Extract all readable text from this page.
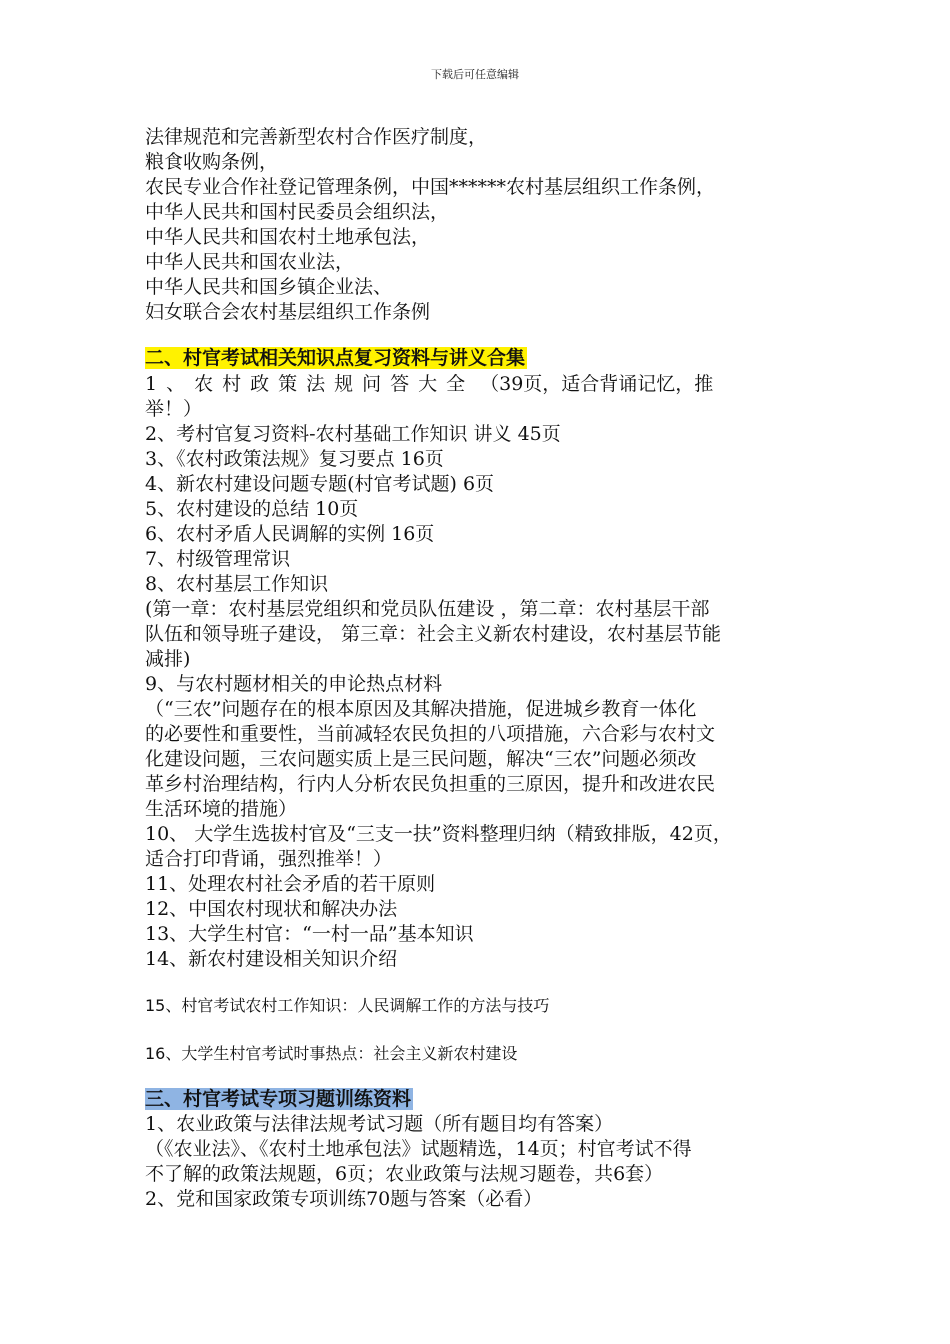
下载后可任意编辑
法律规范和完善新型农村合作医疗制度，
粮食收购条例，
农民专业合作社登记管理条例，中国******农村基层组织工作条例，
中华人民共和国村民委员会组织法，
中华人民共和国农村土地承包法，
中华人民共和国农业法，
中华人民共和国乡镇企业法、
妇女联合会农村基层组织工作条例
二、村官考试相关知识点复习资料与讲义合集
1、农村政策法规问答大全 （39页，适合背诵记忆，推
举！）
2、考村官复习资料-农村基础工作知识 讲义 45页
3、《农村政策法规》复习要点 16页
4、新农村建设问题专题(村官考试题) 6页
5、农村建设的总结 10页
6、农村矛盾人民调解的实例 16页
7、村级管理常识
8、农村基层工作知识
(第一章：农村基层党组织和党员队伍建设 ，第二章：农村基层干部
队伍和领导班子建设， 第三章：社会主义新农村建设，农村基层节能
减排)
9、与农村题材相关的申论热点材料
（“三农”问题存在的根本原因及其解决措施，促进城乡教育一体化
的必要性和重要性，当前减轻农民负担的八项措施，六合彩与农村文
化建设问题，三农问题实质上是三民问题，解决“三农”问题必须改
革乡村治理结构，行内人分析农民负担重的三原因，提升和改进农民
生活环境的措施）
10、 大学生选拔村官及“三支一扶”资料整理归纳（精致排版，42页，
适合打印背诵，强烈推举！）
11、处理农村社会矛盾的若干原则
12、中国农村现状和解决办法
13、大学生村官：“一村一品”基本知识
14、新农村建设相关知识介绍
15、村官考试农村工作知识：人民调解工作的方法与技巧
16、大学生村官考试时事热点：社会主义新农村建设
三、村官考试专项习题训练资料
1、农业政策与法律法规考试习题（所有题目均有答案）
（《农业法》、《农村土地承包法》试题精选，14页；村官考试不得
不了解的政策法规题，6页；农业政策与法规习题卷，共6套）
2、党和国家政策专项训练70题与答案（必看）
